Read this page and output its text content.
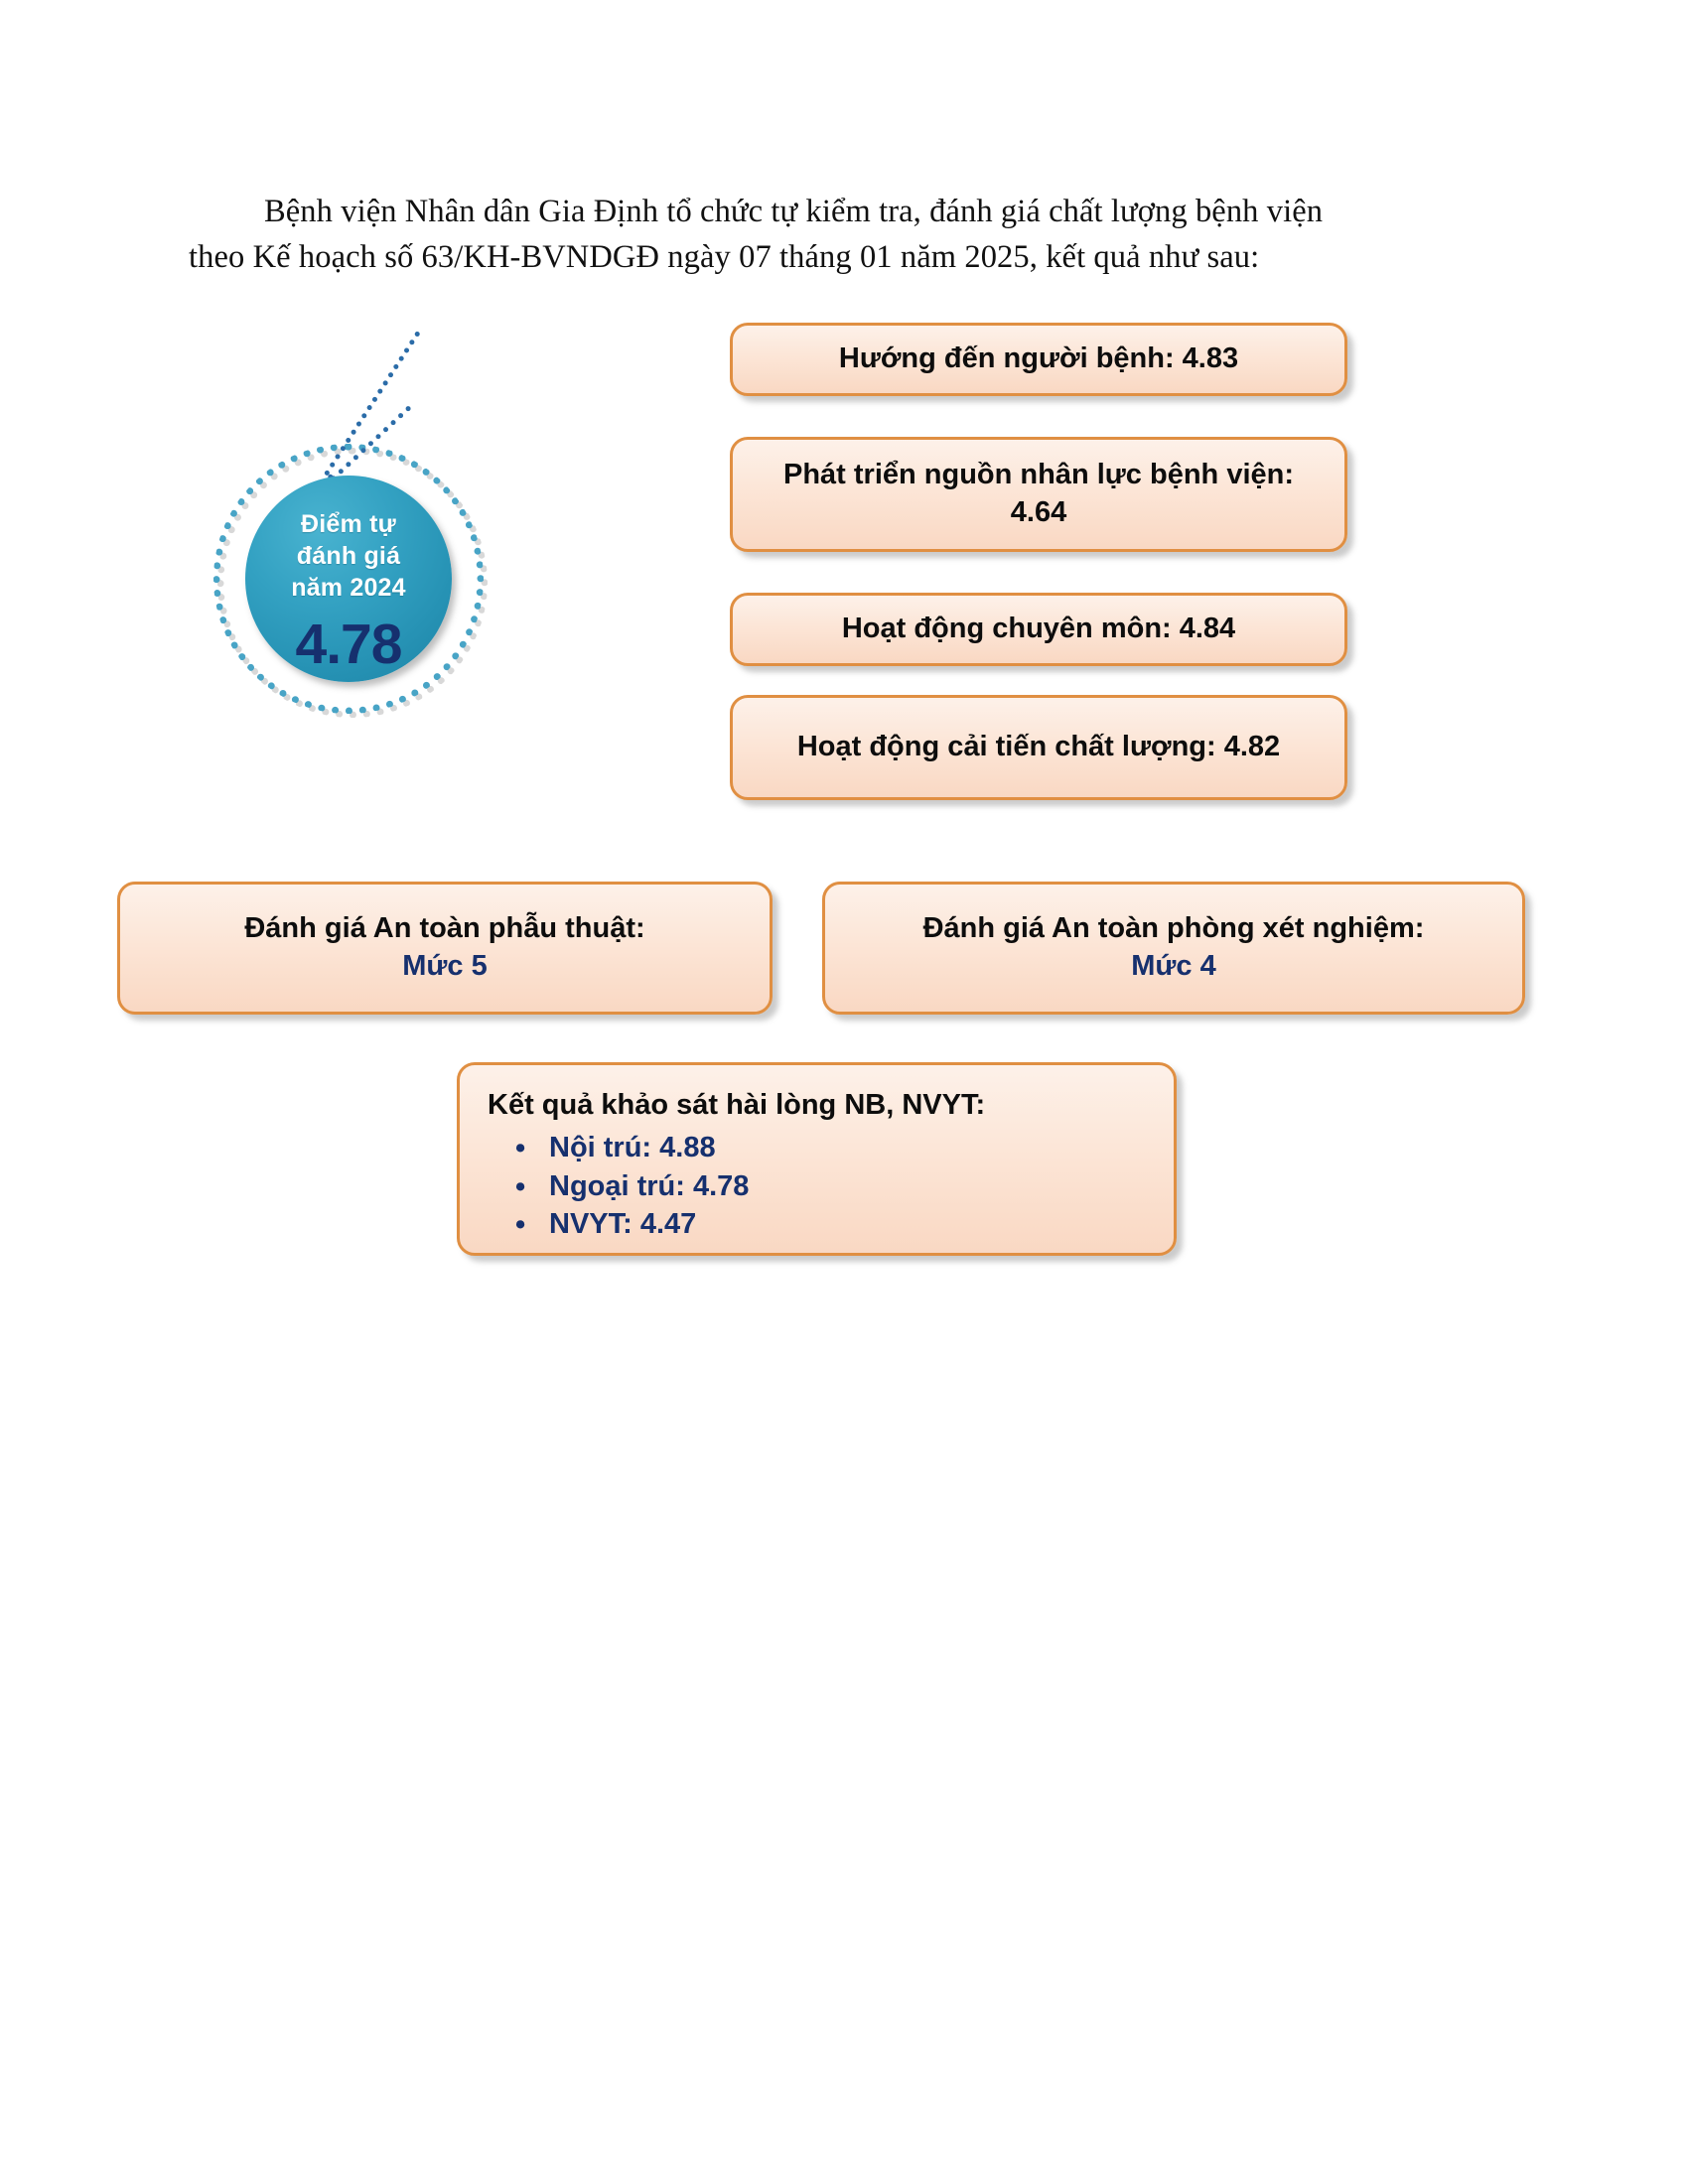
Bệnh viện Nhân dân Gia Định tổ chức tự kiểm tra, đánh giá chất lượng bệnh viện
theo Kế hoạch số 63/KH-BVNDGĐ ngày 07 tháng 01 năm 2025, kết quả như sau:
Điểm tự
đánh giá
năm 2024
4.78
Hướng đến người bệnh: 4.83
Phát triển nguồn nhân lực bệnh viện: 4.64
Hoạt động chuyên môn: 4.84
Hoạt động cải tiến chất lượng: 4.82
Đánh giá An toàn phẫu thuật:
Mức 5
Đánh giá An toàn phòng xét nghiệm:
Mức 4
Kết quả khảo sát hài lòng NB, NVYT:
• Nội trú: 4.88
• Ngoại trú: 4.78
• NVYT: 4.47
